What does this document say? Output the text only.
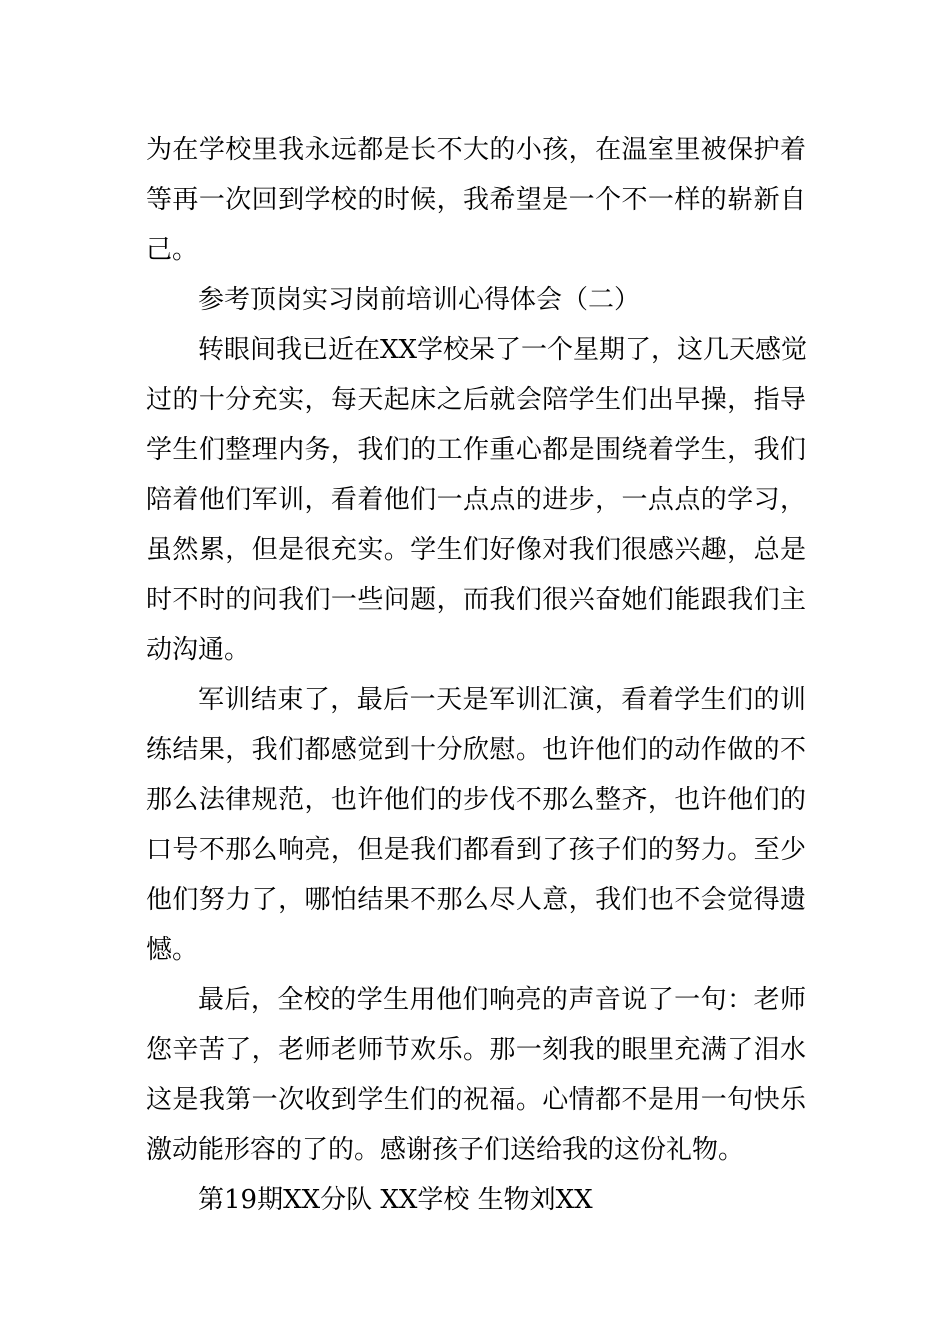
为在学校里我永远都是长不大的小孩，在温室里被保护着
等再一次回到学校的时候，我希望是一个不一样的崭新自
己。
参考顶岗实习岗前培训心得体会（二）
转眼间我已近在XX学校呆了一个星期了，这几天感觉
过的十分充实，每天起床之后就会陪学生们出早操，指导
学生们整理内务，我们的工作重心都是围绕着学生，我们
陪着他们军训，看着他们一点点的进步，一点点的学习，
虽然累，但是很充实。学生们好像对我们很感兴趣，总是
时不时的问我们一些问题，而我们很兴奋她们能跟我们主
动沟通。
军训结束了，最后一天是军训汇演，看着学生们的训
练结果，我们都感觉到十分欣慰。也许他们的动作做的不
那么法律规范，也许他们的步伐不那么整齐，也许他们的
口号不那么响亮，但是我们都看到了孩子们的努力。至少
他们努力了，哪怕结果不那么尽人意，我们也不会觉得遗
憾。
最后，全校的学生用他们响亮的声音说了一句：老师
您辛苦了，老师老师节欢乐。那一刻我的眼里充满了泪水
这是我第一次收到学生们的祝福。心情都不是用一句快乐
激动能形容的了的。感谢孩子们送给我的这份礼物。
第19期XX分队 XX学校 生物刘XX
